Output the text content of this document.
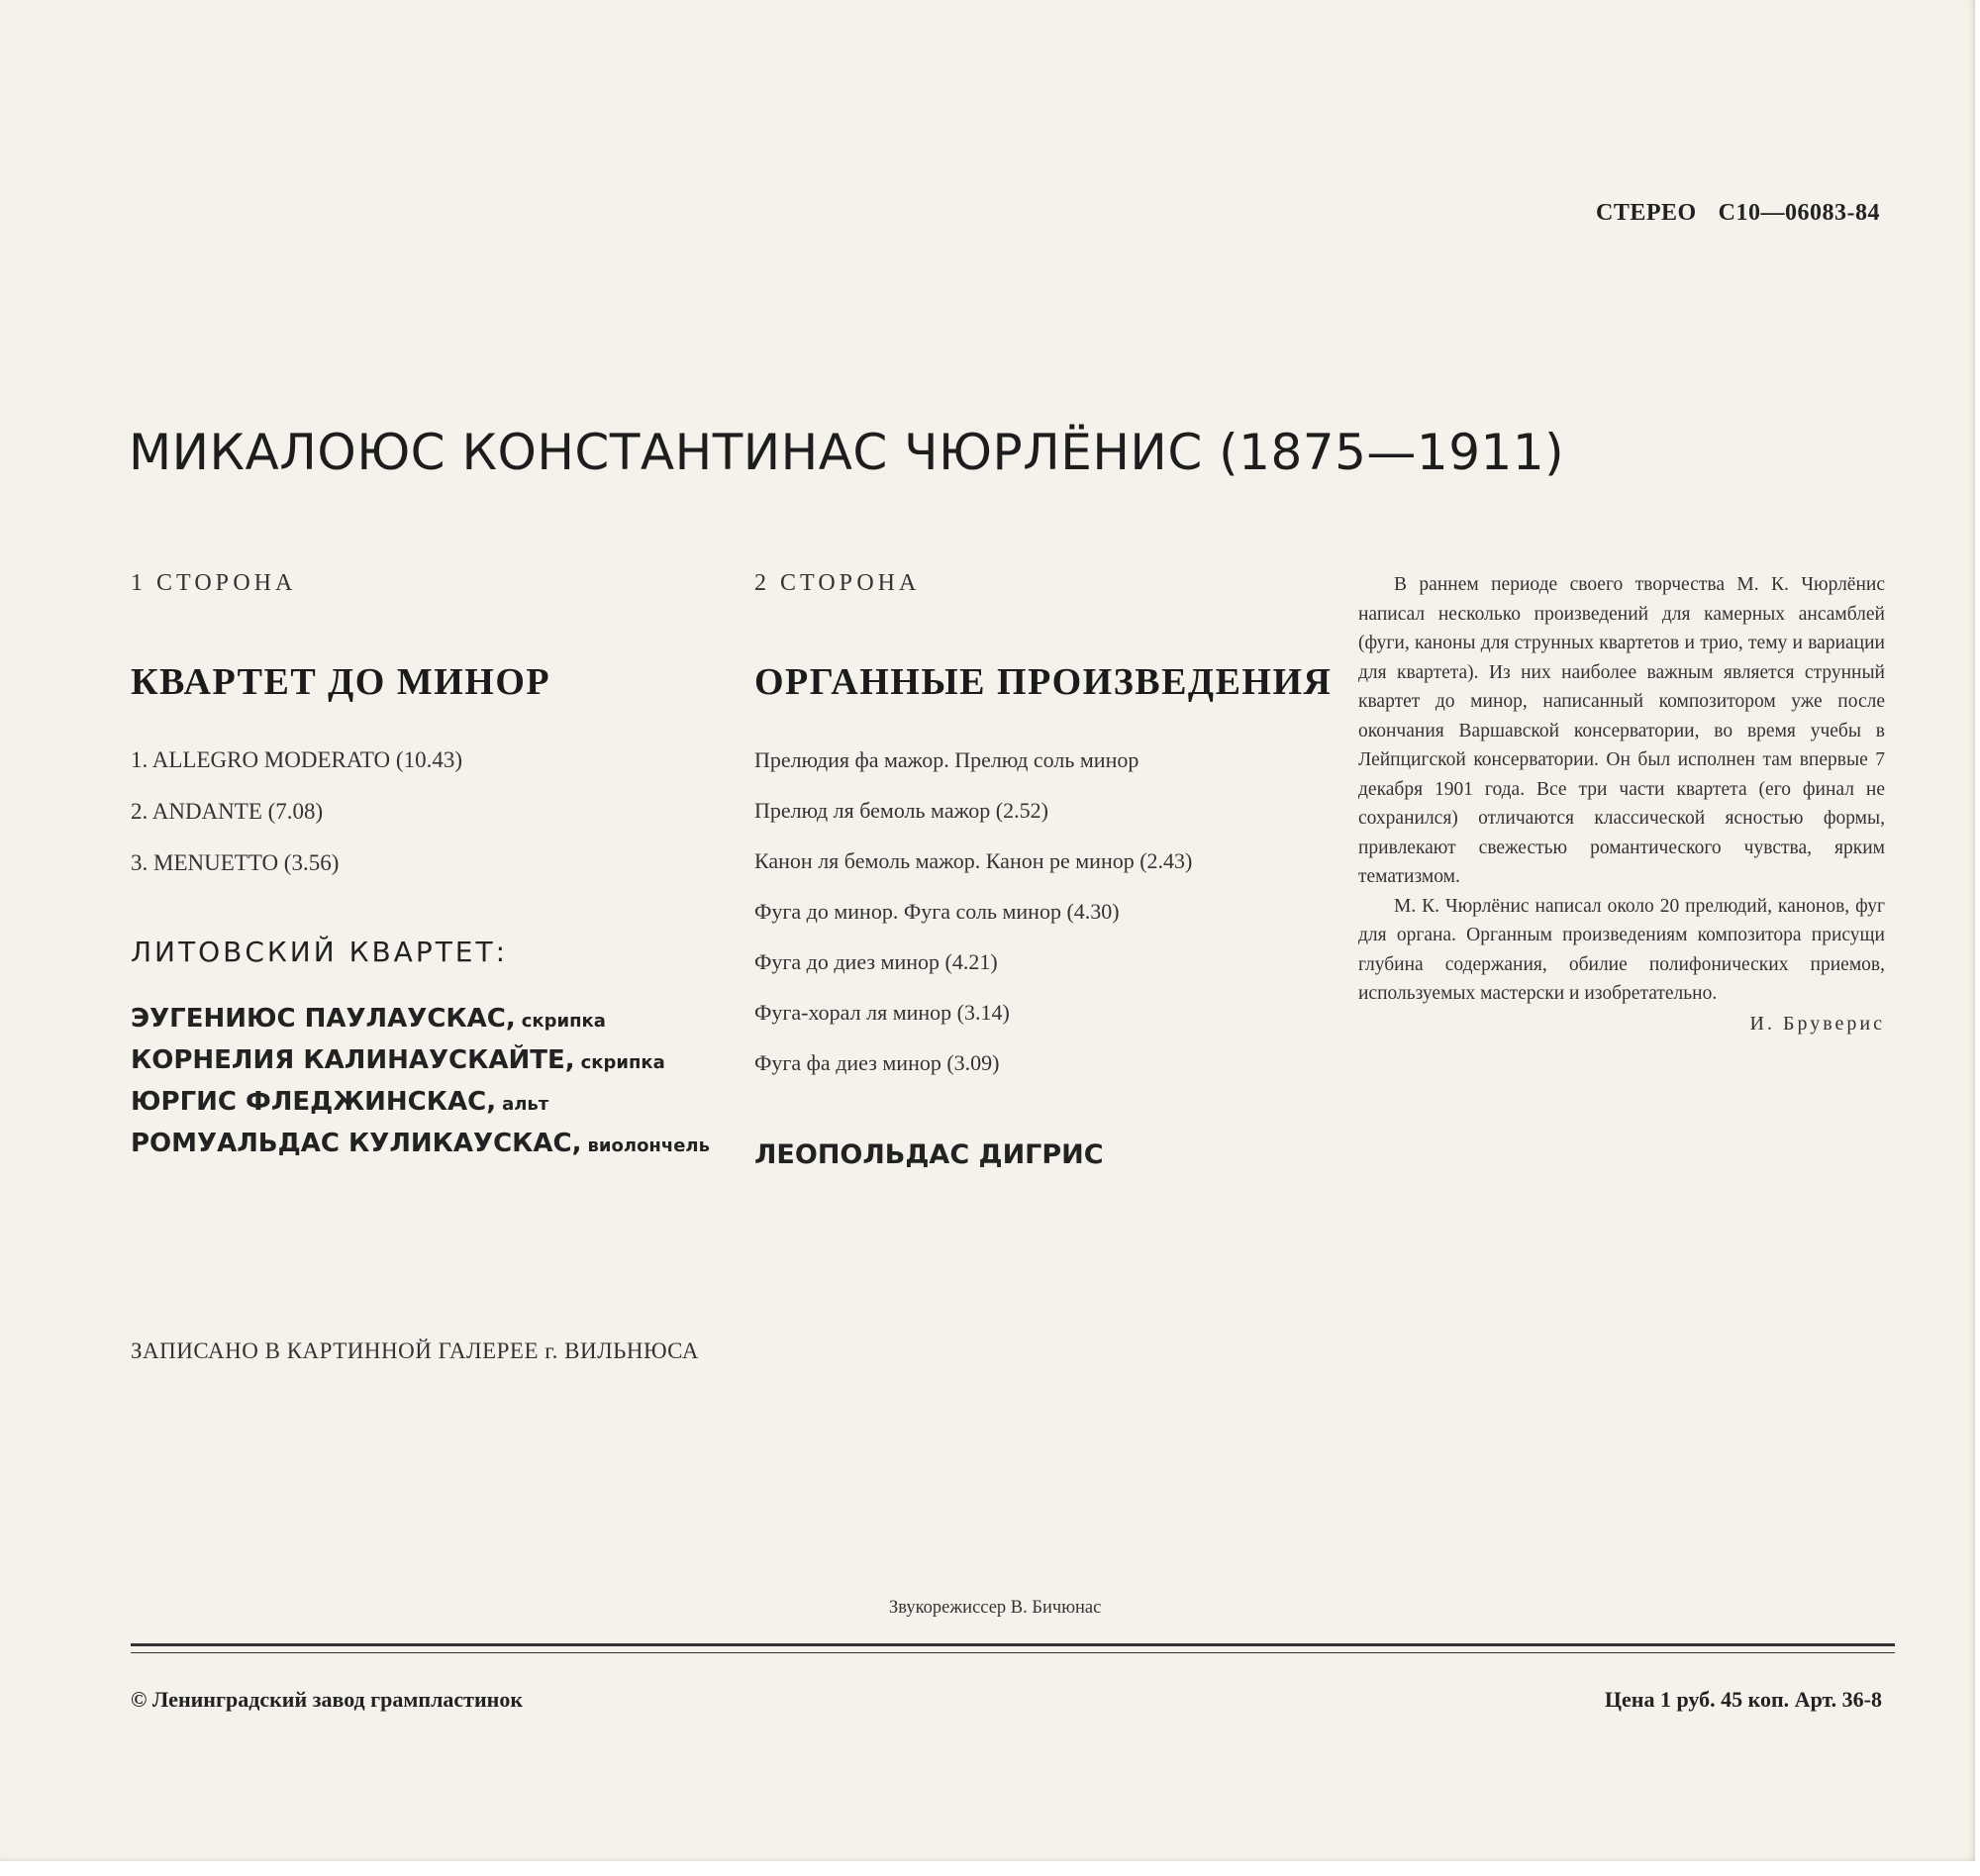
СТЕРЕО С10—06083-84
МИКАЛОЮС КОНСТАНТИНАС ЧЮРЛЁНИС (1875—1911)
1 СТОРОНА
КВАРТЕТ ДО МИНОР
1. ALLEGRO MODERATO (10.43)
2. ANDANTE (7.08)
3. MENUETTO (3.56)
ЛИТОВСКИЙ КВАРТЕТ:
ЭУГЕНИЮС ПАУЛАУСКАС, скрипка
КОРНЕЛИЯ КАЛИНАУСКАЙТЕ, скрипка
ЮРГИС ФЛЕДЖИНСКАС, альт
РОМУАЛЬДАС КУЛИКАУСКАС, виолончель
2 СТОРОНА
ОРГАННЫЕ ПРОИЗВЕДЕНИЯ
Прелюдия фа мажор. Прелюд соль минор
Прелюд ля бемоль мажор (2.52)
Канон ля бемоль мажор. Канон ре минор (2.43)
Фуга до минор. Фуга соль минор (4.30)
Фуга до диез минор (4.21)
Фуга-хорал ля минор (3.14)
Фуга фа диез минор (3.09)
ЛЕОПОЛЬДАС ДИГРИС

В раннем периоде своего творчества М. К. Чюрлёнис написал несколько произведений для камерных ансамблей (фуги, каноны для струнных квартетов и трио, тему и вариации для квартета). Из них наиболее важным является струнный квартет до минор, написанный композитором уже после окончания Варшавской консерватории, во время учебы в Лейпцигской консерватории. Он был исполнен там впервые 7 декабря 1901 года. Все три части квартета (его финал не сохранился) отличаются классической ясностью формы, привлекают свежестью романтического чувства, ярким тематизмом.

М. К. Чюрлёнис написал около 20 прелюдий, канонов, фуг для органа. Органным произведениям композитора присущи глубина содержания, обилие полифонических приемов, используемых мастерски и изобретательно.

И. Бруверис
ЗАПИСАНО В КАРТИННОЙ ГАЛЕРЕЕ г. ВИЛЬНЮСА
Звукорежиссер В. Бичюнас
© Ленинградский завод грампластинок	Цена 1 руб. 45 коп. Арт. 36-8
